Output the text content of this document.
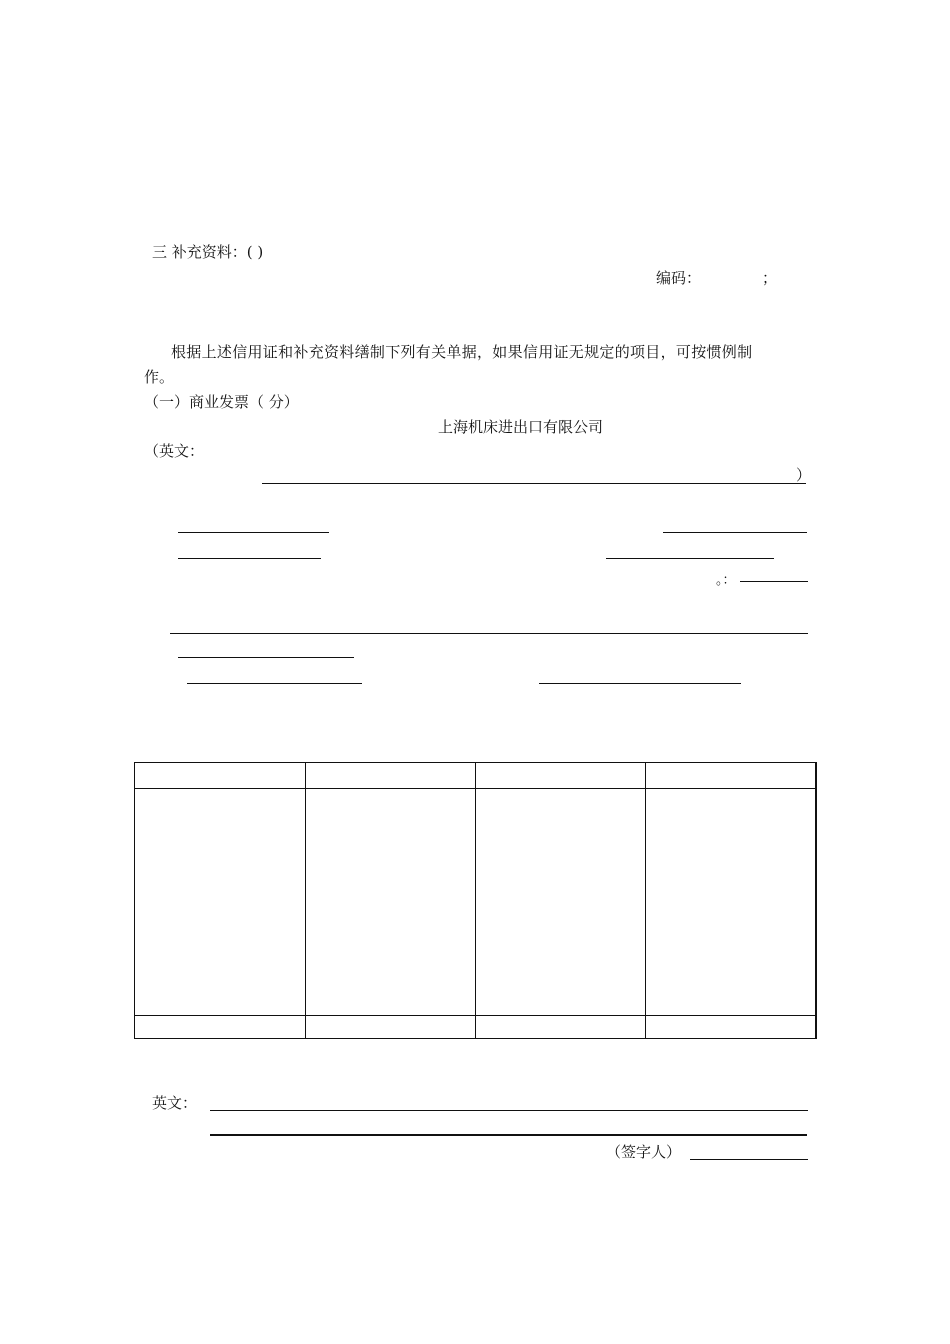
三 补充资料：( )
编码：	；
根据上述信用证和补充资料缮制下列有关单据，如果信用证无规定的项目，可按惯例制
作。
（一）商业发票（ 分）
上海机床进出口有限公司
（英文：
）
。：
英文：
（签字人）
